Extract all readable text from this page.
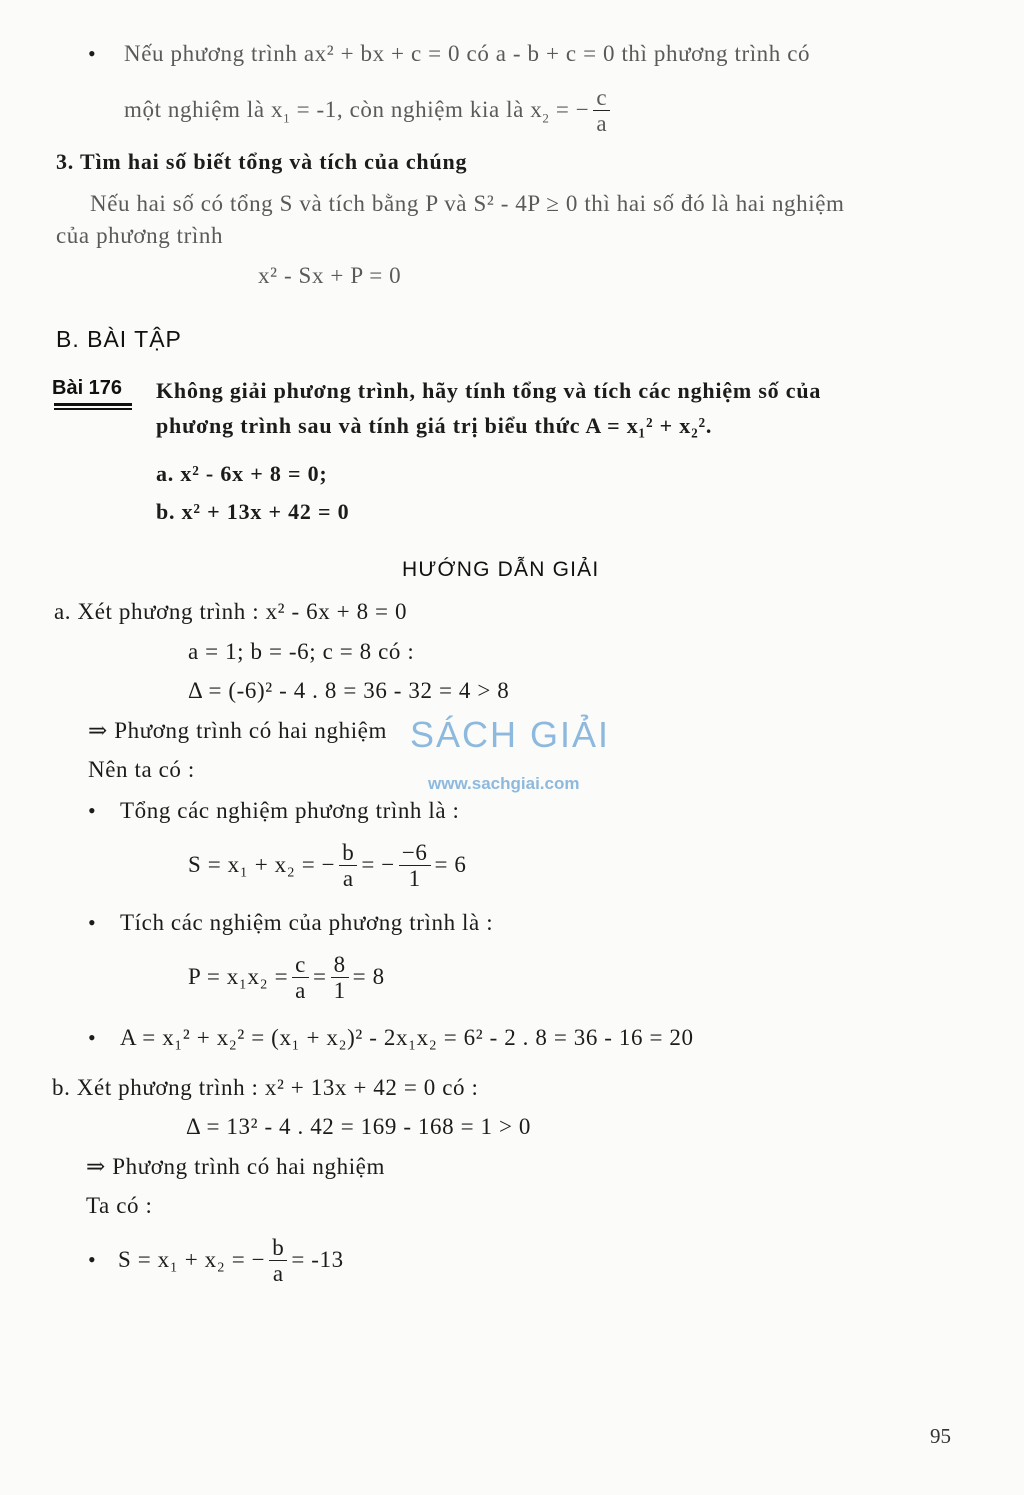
• Nếu phương trình ax² + bx + c = 0 có a - b + c = 0 thì phương trình có
một nghiệm là $x_1 = -1$, còn nghiệm kia là $x_2$ = − $\frac{c}{a}$
3. Tìm hai số biết tổng và tích của chúng
Nếu hai số có tổng S và tích bằng P và S² - 4P ≥ 0 thì hai số đó là hai nghiệm
của phương trình
x² - Sx + P = 0
B. BÀI TẬP
Bài 176 Không giải phương trình, hãy tính tổng và tích các nghiệm số của
phương trình sau và tính giá trị biểu thức A = x₁² + x₂².
a. x² - 6x + 8 = 0;
b. x² + 13x + 42 = 0
HƯỚNG DẪN GIẢI
a. Xét phương trình : x² - 6x + 8 = 0
a = 1; b = -6; c = 8 có :
Δ = (-6)² - 4 . 8 = 36 - 32 = 4 > 8
⇒ Phương trình có hai nghiệm
Nên ta có :
• Tổng các nghiệm phương trình là :
S = x₁ + x₂ = − $\frac{b}{a}$ = − $\frac{-6}{1} = 6$
• Tích các nghiệm của phương trình là :
$P = x_1x_2 = \frac{c}{a} = \frac{8}{1} = 8$
• A = x₁² + x₂² = (x₁ + x₂)² - 2x₁x₂ = 6² - 2 . 8 = 36 - 16 = 20
b. Xét phương trình : x² + 13x + 42 = 0 có :
Δ = 13² - 4 . 42 = 169 - 168 = 1 > 0
⇒ Phương trình có hai nghiệm
Ta có :
• S = x₁ + x₂ = − $\frac{b}{a} = -13$
SÁCH GIẢI
www.sachgiai.com
95
